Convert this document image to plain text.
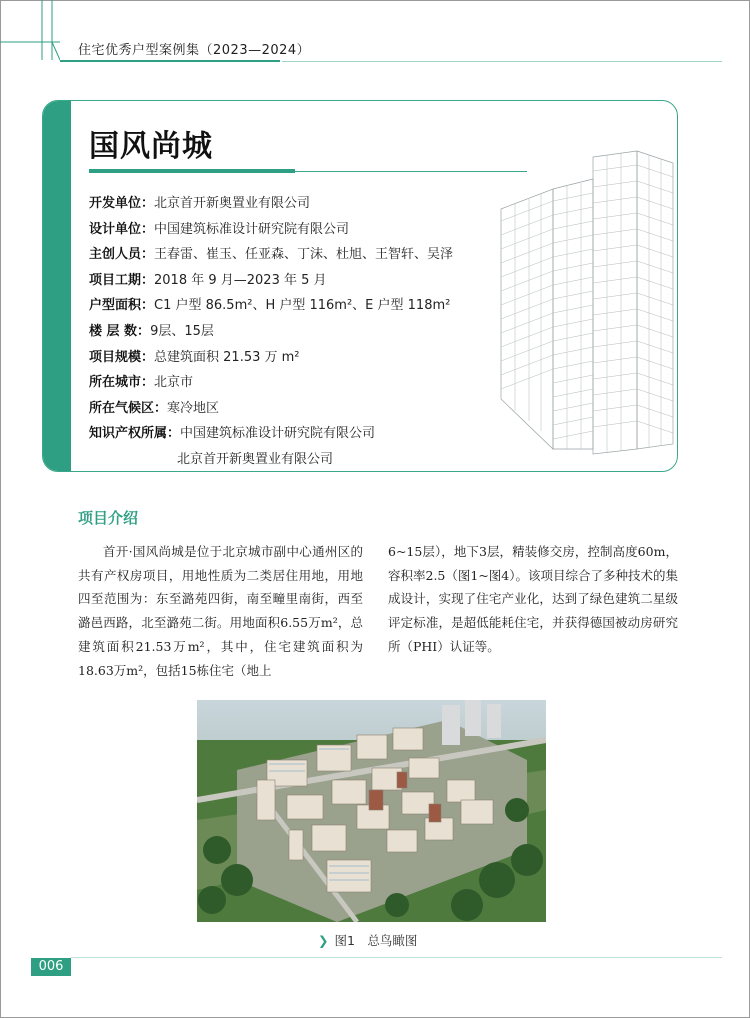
住宅优秀户型案例集（2023—2024）
国风尚城
开发单位：北京首开新奥置业有限公司
设计单位：中国建筑标准设计研究院有限公司
主创人员：王春雷、崔玉、任亚森、丁沫、杜旭、王智轩、吴泽
项目工期：2018 年 9 月—2023 年 5 月
户型面积：C1 户型 86.5m²、H 户型 116m²、E 户型 118m²
楼 层 数：9层、15层
项目规模：总建筑面积 21.53 万 m²
所在城市：北京市
所在气候区：寒冷地区
知识产权所属：中国建筑标准设计研究院有限公司
北京首开新奥置业有限公司
项目介绍

首开·国风尚城是位于北京城市副中心通州区的共有产权房项目，用地性质为二类居住用地，用地四至范围为：东至潞苑四街，南至疃里南街，西至潞邑西路，北至潞苑二街。用地面积6.55万m²，总建筑面积21.53万m²，其中，住宅建筑面积为18.63万m²，包括15栋住宅（地上

6~15层），地下3层，精装修交房，控制高度60m，容积率2.5（图1~图4）。该项目综合了多种技术的集成设计，实现了住宅产业化，达到了绿色建筑二星级评定标准，是超低能耗住宅，并获得德国被动房研究所（PHI）认证等。

❯ 图1　总鸟瞰图
006
